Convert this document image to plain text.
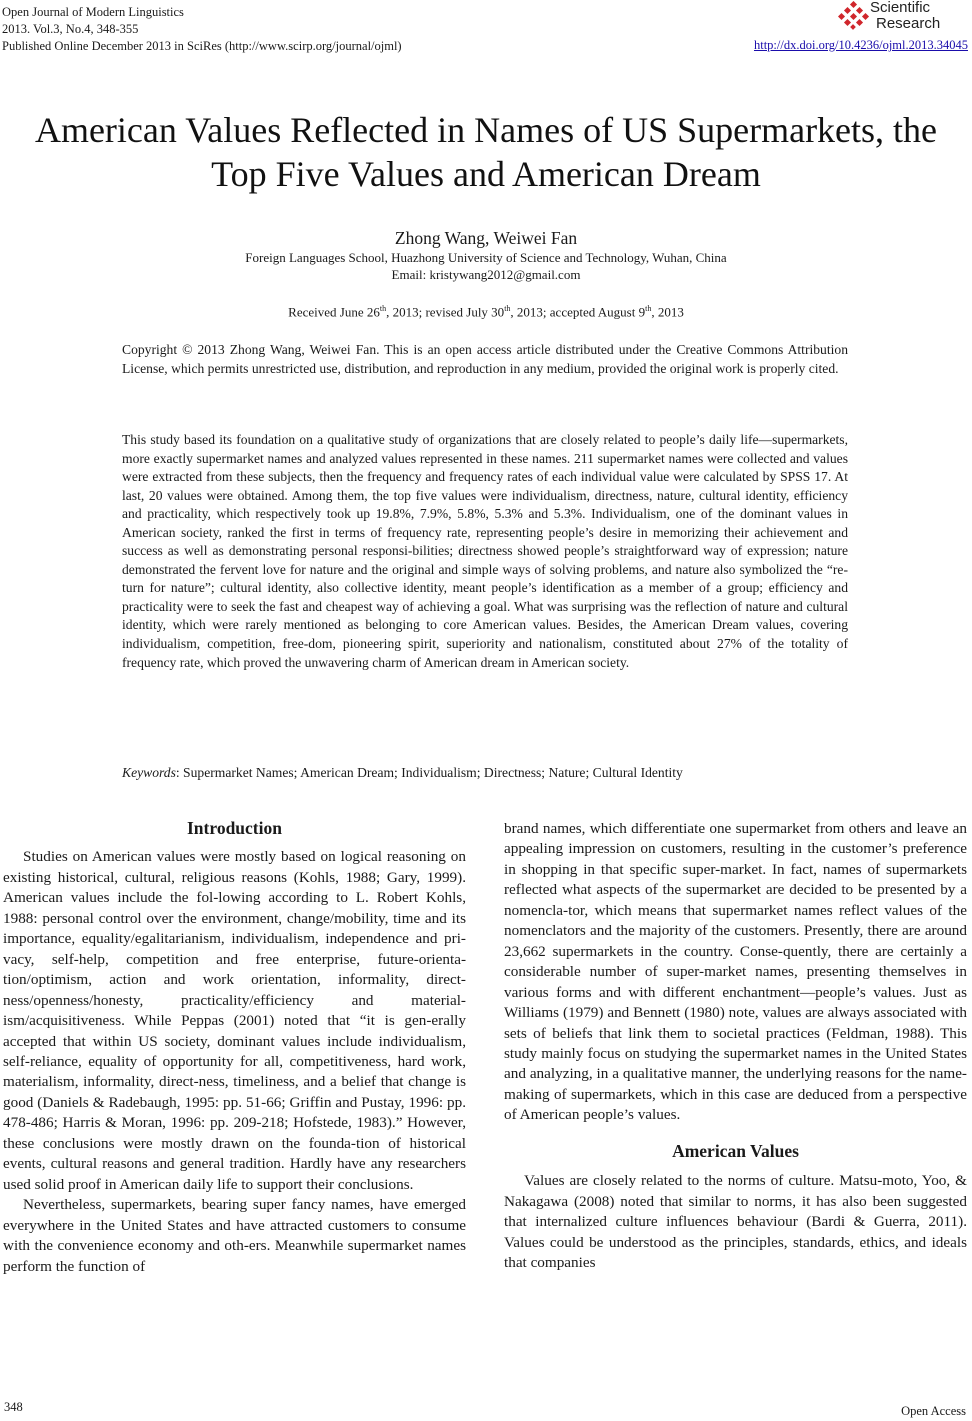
Open Journal of Modern Linguistics
2013. Vol.3, No.4, 348-355
Published Online December 2013 in SciRes (http://www.scirp.org/journal/ojml)
Scientific
Research
http://dx.doi.org/10.4236/ojml.2013.34045
American Values Reflected in Names of US Supermarkets, the
Top Five Values and American Dream
Zhong Wang, Weiwei Fan
Foreign Languages School, Huazhong University of Science and Technology, Wuhan, China
Email: kristywang2012@gmail.com
Received June 26th, 2013; revised July 30th, 2013; accepted August 9th, 2013
Copyright © 2013 Zhong Wang, Weiwei Fan. This is an open access article distributed under the Creative Commons Attribution License, which permits unrestricted use, distribution, and reproduction in any medium, provided the original work is properly cited.
This study based its foundation on a qualitative study of organizations that are closely related to people’s daily life—supermarkets, more exactly supermarket names and analyzed values represented in these names. 211 supermarket names were collected and values were extracted from these subjects, then the frequency and frequency rates of each individual value were calculated by SPSS 17. At last, 20 values were obtained. Among them, the top five values were individualism, directness, nature, cultural identity, efficiency and practicality, which respectively took up 19.8%, 7.9%, 5.8%, 5.3% and 5.3%. Individualism, one of the dominant values in American society, ranked the first in terms of frequency rate, representing people’s desire in memorizing their achievement and success as well as demonstrating personal responsi-bilities; directness showed people’s straightforward way of expression; nature demonstrated the fervent love for nature and the original and simple ways of solving problems, and nature also symbolized the “re-turn for nature”; cultural identity, also collective identity, meant people’s identification as a member of a group; efficiency and practicality were to seek the fast and cheapest way of achieving a goal. What was surprising was the reflection of nature and cultural identity, which were rarely mentioned as belonging to core American values. Besides, the American Dream values, covering individualism, competition, free-dom, pioneering spirit, superiority and nationalism, constituted about 27% of the totality of frequency rate, which proved the unwavering charm of American dream in American society.
Keywords: Supermarket Names; American Dream; Individualism; Directness; Nature; Cultural Identity
Introduction

Studies on American values were mostly based on logical reasoning on existing historical, cultural, religious reasons (Kohls, 1988; Gary, 1999). American values include the fol-lowing according to L. Robert Kohls, 1988: personal control over the environment, change/mobility, time and its importance, equality/egalitarianism, individualism, independence and pri-vacy, self-help, competition and free enterprise, future-orienta-tion/optimism, action and work orientation, informality, direct-ness/openness/honesty, practicality/efficiency and material-ism/acquisitiveness. While Peppas (2001) noted that “it is gen-erally accepted that within US society, dominant values include individualism, self-reliance, equality of opportunity for all, competitiveness, hard work, materialism, informality, direct-ness, timeliness, and a belief that change is good (Daniels & Radebaugh, 1995: pp. 51-66; Griffin and Pustay, 1996: pp. 478-486; Harris & Moran, 1996: pp. 209-218; Hofstede, 1983).” However, these conclusions were mostly drawn on the founda-tion of historical events, cultural reasons and general tradition. Hardly have any researchers used solid proof in American daily life to support their conclusions.

Nevertheless, supermarkets, bearing super fancy names, have emerged everywhere in the United States and have attracted customers to consume with the convenience economy and oth-ers. Meanwhile supermarket names perform the function of

brand names, which differentiate one supermarket from others and leave an appealing impression on customers, resulting in the customer’s preference in shopping in that specific super-market. In fact, names of supermarkets reflected what aspects of the supermarket are decided to be presented by a nomencla-tor, which means that supermarket names reflect values of the nomenclators and the majority of the customers. Presently, there are around 23,662 supermarkets in the country. Conse-quently, there are certainly a considerable number of super-market names, presenting themselves in various forms and with different enchantment—people’s values. Just as Williams (1979) and Bennett (1980) note, values are always associated with sets of beliefs that link them to societal practices (Feldman, 1988). This study mainly focus on studying the supermarket names in the United States and analyzing, in a qualitative manner, the underlying reasons for the name-making of supermarkets, which in this case are deduced from a perspective of American people’s values.

American Values

Values are closely related to the norms of culture. Matsu-moto, Yoo, & Nakagawa (2008) noted that similar to norms, it has also been suggested that internalized culture influences behaviour (Bardi & Guerra, 2011). Values could be understood as the principles, standards, ethics, and ideals that companies

348	Open Access
